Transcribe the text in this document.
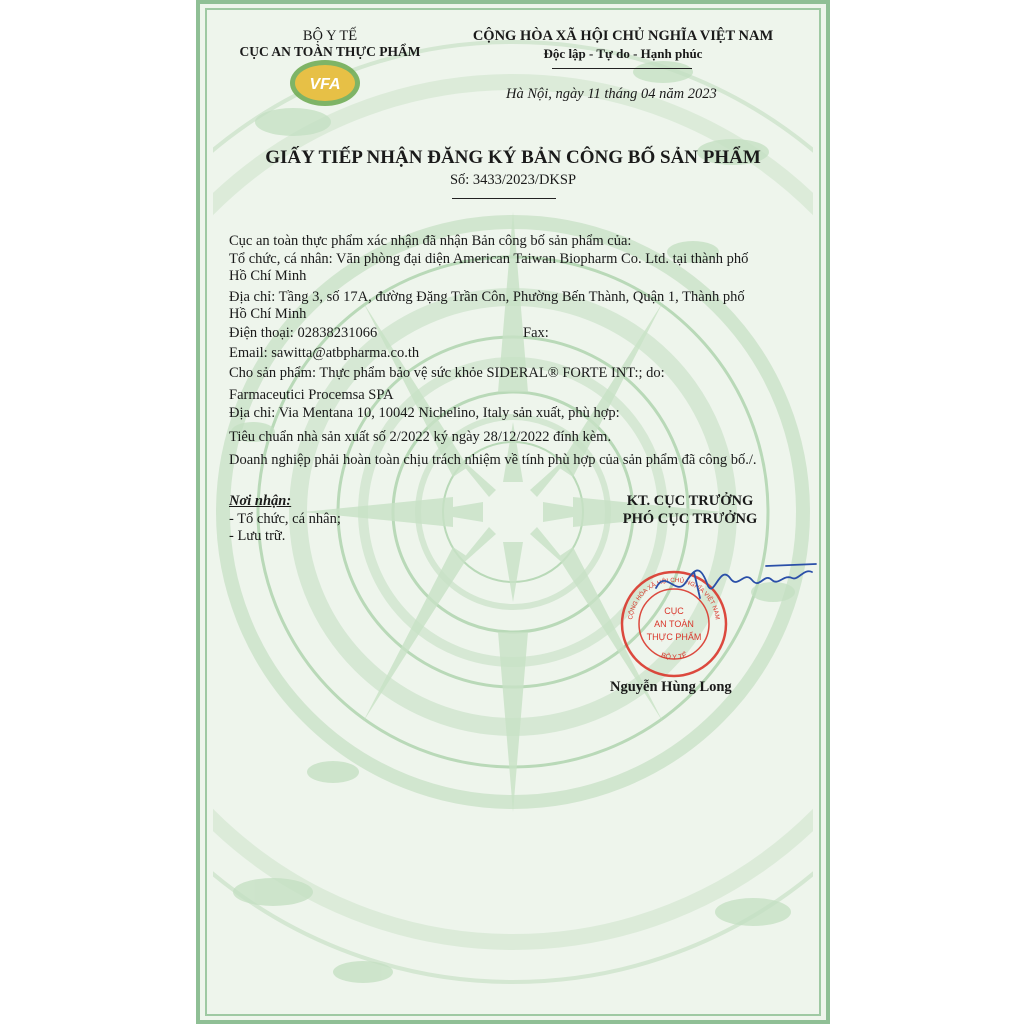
BỘ Y TẾ
CỤC AN TOÀN THỰC PHẨM
VFA
CỘNG HÒA XÃ HỘI CHỦ NGHĨA VIỆT NAM
Độc lập - Tự do - Hạnh phúc
Hà Nội, ngày 11 tháng 04 năm 2023
GIẤY TIẾP NHẬN ĐĂNG KÝ BẢN CÔNG BỐ SẢN PHẨM
Số: 3433/2023/DKSP
Cục an toàn thực phẩm xác nhận đã nhận Bản công bố sản phẩm của:
Tổ chức, cá nhân: Văn phòng đại diện American Taiwan Biopharm Co. Ltd. tại thành phố
Hồ Chí Minh
Địa chỉ: Tầng 3, số 17A, đường Đặng Trần Côn, Phường Bến Thành, Quận 1, Thành phố
Hồ Chí Minh
Điện thoại: 02838231066	Fax:
Email: sawitta@atbpharma.co.th
Cho sản phẩm: Thực phẩm bảo vệ sức khỏe SIDERAL® FORTE INT:; do:
Farmaceutici Procemsa SPA
Địa chỉ: Via Mentana 10, 10042 Nichelino, Italy sản xuất, phù hợp:
Tiêu chuẩn nhà sản xuất số 2/2022 ký ngày 28/12/2022 đính kèm.
Doanh nghiệp phải hoàn toàn chịu trách nhiệm về tính phù hợp của sản phẩm đã công bố./.
Nơi nhận:
- Tổ chức, cá nhân;
- Lưu trữ.
KT. CỤC TRƯỞNG
PHÓ CỤC TRƯỞNG
CỘNG HÒA XÃ HỘI CHỦ NGHĨA VIỆT NAM
BỘ Y TẾ
CỤC
AN TOÀN
THỰC PHẨM
Nguyễn Hùng Long
